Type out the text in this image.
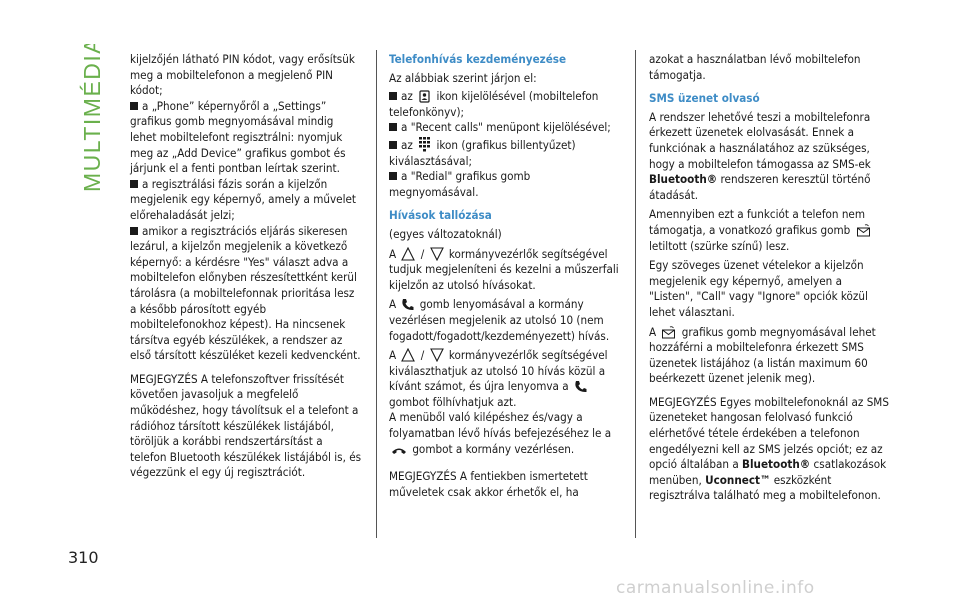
MULTIMÉDIA kijelzőjén látható PIN kódot, vagy erősítsük meg a mobiltelefonon a megjelenő PIN kódot;

a „Phone” képernyőről a „Settings” grafikus gomb megnyomásával mindig lehet mobiltelefont regisztrálni: nyomjuk meg az „Add Device” grafikus gombot és járjunk el a fenti pontban leírtak szerint.

a regisztrálási fázis során a kijelzőn megjelenik egy képernyő, amely a művelet előrehaladását jelzi;

amikor a regisztrációs eljárás sikeresen lezárul, a kijelzőn megjelenik a következő képernyő: a kérdésre "Yes" választ adva a mobiltelefon előnyben részesítettként kerül tárolásra (a mobiltelefonnak prioritása lesz a később párosított egyéb mobiltelefonokhoz képest). Ha nincsenek társítva egyéb készülékek, a rendszer az első társított készüléket kezeli kedvencként.

MEGJEGYZÉS A telefonszoftver frissítését követően javasoljuk a megfelelő működéshez, hogy távolítsuk el a telefont a rádióhoz társított készülékek listájából, töröljük a korábbi rendszertársítást a telefon Bluetooth készülékek listájából is, és végezzünk el egy új regisztrációt.

Telefonhívás kezdeményezése

Az alábbiak szerint járjon el:

az ikon kijelölésével (mobiltelefon telefonkönyv);

a "Recent calls" menüpont kijelölésével;

az ikon (grafikus billentyűzet) kiválasztásával;

a "Redial" grafikus gomb megnyomásával.

Hívások tallózása

(egyes változatoknál)

A / kormányvezérlők segítségével tudjuk megjeleníteni és kezelni a műszerfali kijelzőn az utolsó hívásokat.

A gomb lenyomásával a kormány vezérlésen megjelenik az utolsó 10 (nem fogadott/fogadott/kezdeményezett) hívás.

A / kormányvezérlők segítségével kiválaszthatjuk az utolsó 10 hívás közül a kívánt számot, és újra lenyomva a
gombot fölhívhatjuk azt.

A menüből való kilépéshez és/vagy a folyamatban lévő hívás befejezéséhez le a
gombot a kormány vezérlésen.

MEGJEGYZÉS A fentiekben ismertetett műveletek csak akkor érhetők el, ha

azokat a használatban lévő mobiltelefon támogatja.

SMS üzenet olvasó

A rendszer lehetővé teszi a mobiltelefonra érkezett üzenetek elolvasását. Ennek a funkciónak a használatához az szükséges, hogy a mobiltelefon támogassa az SMS-ek Bluetooth® rendszeren keresztül történő átadását.

Amennyiben ezt a funkciót a telefon nem támogatja, a vonatkozó grafikus gomb
letiltott (szürke színű) lesz.

Egy szöveges üzenet vételekor a kijelzőn megjelenik egy képernyő, amelyen a "Listen", "Call" vagy "Ignore" opciók közül lehet választani.

A grafikus gomb megnyomásával lehet hozzáférni a mobiltelefonra érkezett SMS üzenetek listájához (a listán maximum 60 beérkezett üzenet jelenik meg).

MEGJEGYZÉS Egyes mobiltelefonoknál az SMS üzeneteket hangosan felolvasó funkció elérhetővé tétele érdekében a telefonon engedélyezni kell az SMS jelzés opciót; ez az opció általában a Bluetooth® csatlakozások menüben, Uconnect™ eszközként regisztrálva található meg a mobiltelefonon.

310
carmanualsonline.info
